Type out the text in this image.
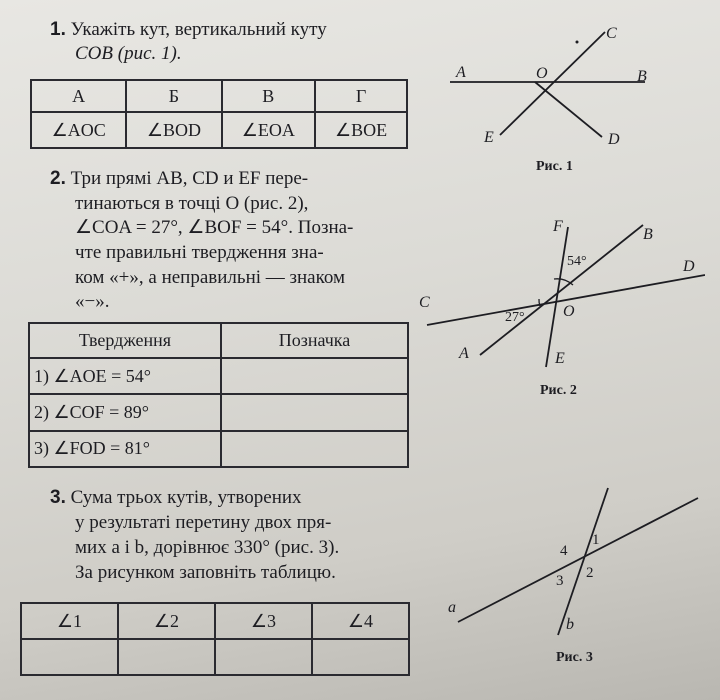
1. Укажіть кут, вертикальний куту
COB (рис. 1).
А	Б	В	Г
∠AOC	∠BOD	∠EOA	∠BOE
2. Три прямі AB, CD и EF пере-
тинаються в точці O (рис. 2),
∠COA = 27°, ∠BOF = 54°. Позна-
чте правильні твердження зна-
ком «+», а неправильні — знаком
«−».
Твердження	Позначка
1) ∠AOE = 54°	
2) ∠COF = 89°	
3) ∠FOD = 81°	
3. Сума трьох кутів, утворених
у результаті перетину двох пря-
мих a і b, дорівнює 330° (рис. 3).
За рисунком заповніть таблицю.
∠1	∠2	∠3	∠4

A	O	B
C
E	D
Рис. 1
C
D
B
F
A	E
O
54°
27°
Рис. 2
a
b
1
2
3
4
Рис. 3
